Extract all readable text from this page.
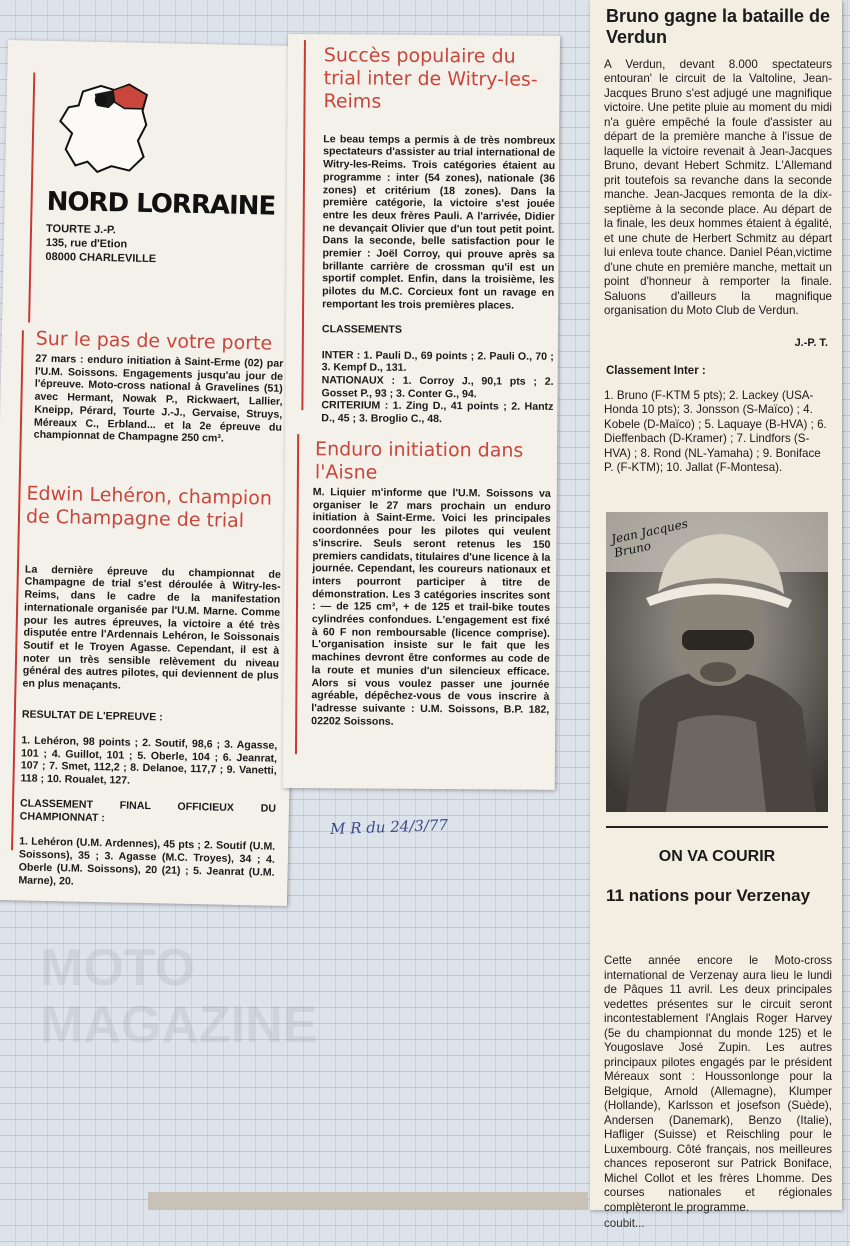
MOTO
MAGAZINE
NORD LORRAINE
TOURTE J.-P.
135, rue d'Etion
08000 CHARLEVILLE
Sur le pas de votre porte
27 mars : enduro initiation à Saint-Erme (02) par l'U.M. Soissons. Engagements jusqu'au jour de l'épreuve. Moto-cross national à Gravelines (51) avec Hermant, Nowak P., Rickwaert, Lallier, Kneipp, Pérard, Tourte J.-J., Gervaise, Struys, Méreaux C., Erbland... et la 2e épreuve du championnat de Champagne 250 cm³.
Edwin Lehéron, champion de Champagne de trial

La dernière épreuve du championnat de Champagne de trial s'est déroulée à Witry-les-Reims, dans le cadre de la manifestation internationale organisée par l'U.M. Marne. Comme pour les autres épreuves, la victoire a été très disputée entre l'Ardennais Lehéron, le Soissonais Soutif et le Troyen Agasse. Cependant, il est à noter un très sensible relèvement du niveau général des autres pilotes, qui deviennent de plus en plus menaçants.

RESULTAT DE L'EPREUVE :

1. Lehéron, 98 points ; 2. Soutif, 98,6 ; 3. Agasse, 101 ; 4. Guillot, 101 ; 5. Oberle, 104 ; 6. Jeanrat, 107 ; 7. Smet, 112,2 ; 8. Delanoe, 117,7 ; 9. Vanetti, 118 ; 10. Roualet, 127.

CLASSEMENT FINAL OFFICIEUX DU CHAMPIONNAT :

1. Lehéron (U.M. Ardennes), 45 pts ; 2. Soutif (U.M. Soissons), 35 ; 3. Agasse (M.C. Troyes), 34 ; 4. Oberle (U.M. Soissons), 20 (21) ; 5. Jeanrat (U.M. Marne), 20.

Succès populaire du trial inter de Witry-les-Reims

Le beau temps a permis à de très nombreux spectateurs d'assister au trial international de Witry-les-Reims. Trois catégories étaient au programme : inter (54 zones), nationale (36 zones) et critérium (18 zones). Dans la première catégorie, la victoire s'est jouée entre les deux frères Pauli. A l'arrivée, Didier ne devançait Olivier que d'un tout petit point. Dans la seconde, belle satisfaction pour le premier : Joël Corroy, qui prouve après sa brillante carrière de crossman qu'il est un sportif complet. Enfin, dans la troisième, les pilotes du M.C. Corcieux font un ravage en remportant les trois premières places.

CLASSEMENTS

INTER : 1. Pauli D., 69 points ; 2. Pauli O., 70 ; 3. Kempf D., 131.
NATIONAUX : 1. Corroy J., 90,1 pts ; 2. Gosset P., 93 ; 3. Conter G., 94.
CRITERIUM : 1. Zing D., 41 points ; 2. Hantz D., 45 ; 3. Broglio C., 48.

Enduro initiation dans l'Aisne
M. Liquier m'informe que l'U.M. Soissons va organiser le 27 mars prochain un enduro initiation à Saint-Erme. Voici les principales coordonnées pour les pilotes qui veulent s'inscrire. Seuls seront retenus les 150 premiers candidats, titulaires d'une licence à la journée. Cependant, les coureurs nationaux et inters pourront participer à titre de démonstration. Les 3 catégories inscrites sont : — de 125 cm³, + de 125 et trail-bike toutes cylindrées confondues. L'engagement est fixé à 60 F non remboursable (licence comprise). L'organisation insiste sur le fait que les machines devront être conformes au code de la route et munies d'un silencieux efficace. Alors si vous voulez passer une journée agréable, dépêchez-vous de vous inscrire à l'adresse suivante : U.M. Soissons, B.P. 182, 02202 Soissons.
M R du 24/3/77
Bruno gagne la bataille de Verdun
A Verdun, devant 8.000 spectateurs entouran' le circuit de la Valtoline, Jean-Jacques Bruno s'est adjugé une magnifique victoire. Une petite pluie au moment du midi n'a guère empêché la foule d'assister au départ de la première manche à l'issue de laquelle la victoire revenait à Jean-Jacques Bruno, devant Hebert Schmitz. L'Allemand prit toutefois sa revanche dans la seconde manche. Jean-Jacques remonta de la dix-septième à la seconde place. Au départ de la finale, les deux hommes étaient à égalité, et une chute de Herbert Schmitz au départ lui enleva toute chance. Daniel Péan,victime d'une chute en première manche, mettait un point d'honneur à remporter la finale. Saluons d'ailleurs la magnifique organisation du Moto Club de Verdun.
J.-P. T.
Classement Inter :
1. Bruno (F-KTM 5 pts); 2. Lackey (USA-Honda 10 pts); 3. Jonsson (S-Maïco) ; 4. Kobele (D-Maïco) ; 5. Laquaye (B-HVA) ; 6. Dieffenbach (D-Kramer) ; 7. Lindfors (S-HVA) ; 8. Rond (NL-Yamaha) ; 9. Boniface P. (F-KTM); 10. Jallat (F-Montesa).
Jean Jacques Bruno
ON VA COURIR
11 nations pour Verzenay

Cette année encore le Moto-cross international de Verzenay aura lieu le lundi de Pâques 11 avril. Les deux principales vedettes présentes sur le circuit seront incontestablement l'Anglais Roger Harvey (5e du championnat du monde 125) et le Yougoslave José Zupin. Les autres principaux pilotes engagés par le président Méreaux sont : Houssonlonge pour la Belgique, Arnold (Allemagne), Klumper (Hollande), Karlsson et josefson (Suède), Andersen (Danemark), Benzo (Italie), Hafliger (Suisse) et Reischling pour le Luxembourg. Côté français, nos meilleures chances reposeront sur Patrick Boniface, Michel Collot et les frères Lhomme. Des courses nationales et régionales complèteront le programme.

coubit...
